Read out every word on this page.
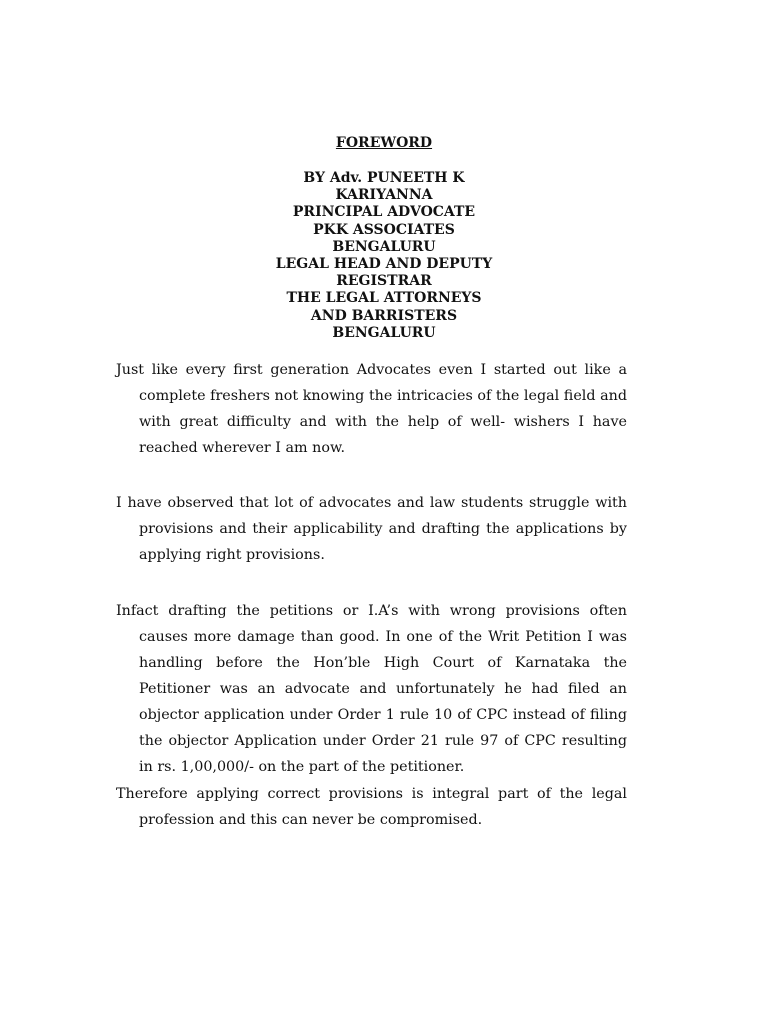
FOREWORD
BY Adv. PUNEETH K
KARIYANNA
PRINCIPAL ADVOCATE
PKK ASSOCIATES
BENGALURU
LEGAL HEAD AND DEPUTY
REGISTRAR
THE LEGAL ATTORNEYS
AND BARRISTERS
BENGALURU

Just like every first generation Advocates even I started out like a complete freshers not knowing the intricacies of the legal field and with great difficulty and with the help of well- wishers I have reached wherever I am now.

I have observed that lot of advocates and law students struggle with provisions and their applicability and drafting the applications by applying right provisions.

Infact drafting the petitions or I.A’s with wrong provisions often causes more damage than good. In one of the Writ Petition I was handling before the Hon’ble High Court of Karnataka the Petitioner was an advocate and unfortunately he had filed an objector application under Order 1 rule 10 of CPC instead of filing the objector Application under Order 21 rule 97 of CPC resulting in rs. 1,00,000/- on the part of the petitioner.

Therefore applying correct provisions is integral part of the legal profession and this can never be compromised.
